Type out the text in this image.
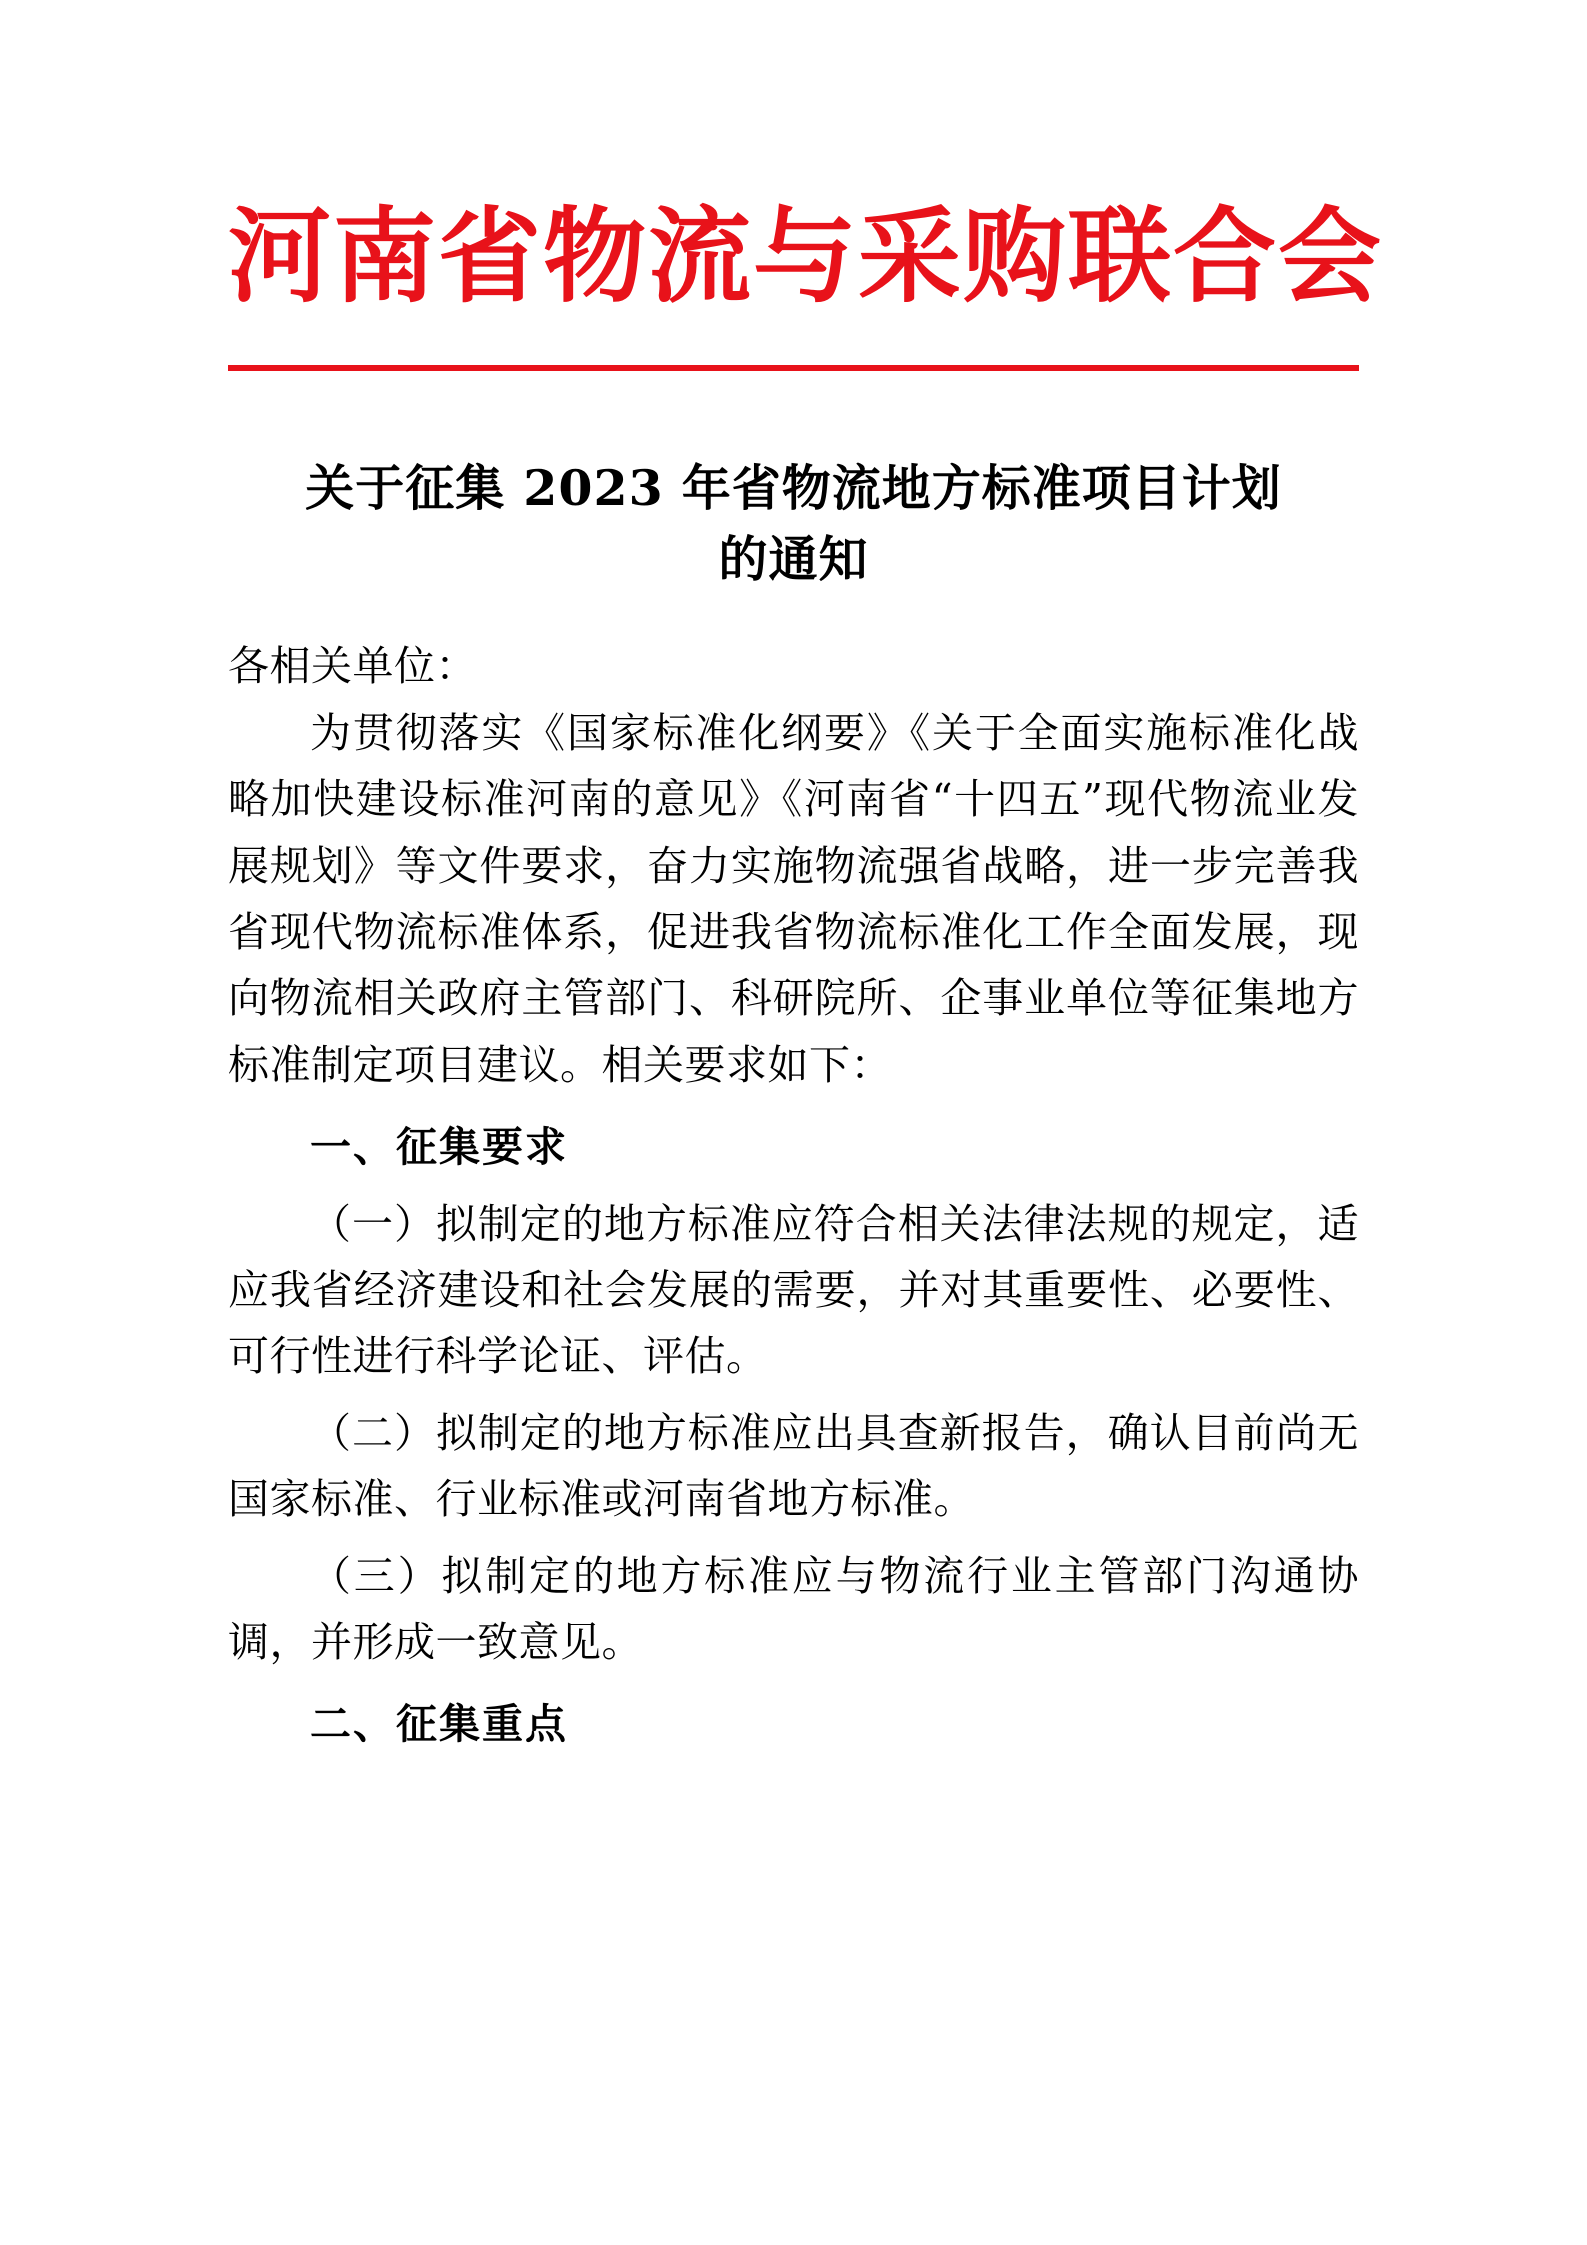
河南省物流与采购联合会
关于征集 2023 年省物流地方标准项目计划
的通知

各相关单位：

为贯彻落实《国家标准化纲要》《关于全面实施标准化战略加快建设标准河南的意见》《河南省“十四五”现代物流业发展规划》等文件要求，奋力实施物流强省战略，进一步完善我省现代物流标准体系，促进我省物流标准化工作全面发展，现向物流相关政府主管部门、科研院所、企事业单位等征集地方标准制定项目建议。相关要求如下：

一、征集要求

（一）拟制定的地方标准应符合相关法律法规的规定，适应我省经济建设和社会发展的需要，并对其重要性、必要性、可行性进行科学论证、评估。

（二）拟制定的地方标准应出具查新报告，确认目前尚无国家标准、行业标准或河南省地方标准。

（三）拟制定的地方标准应与物流行业主管部门沟通协调，并形成一致意见。

二、征集重点
